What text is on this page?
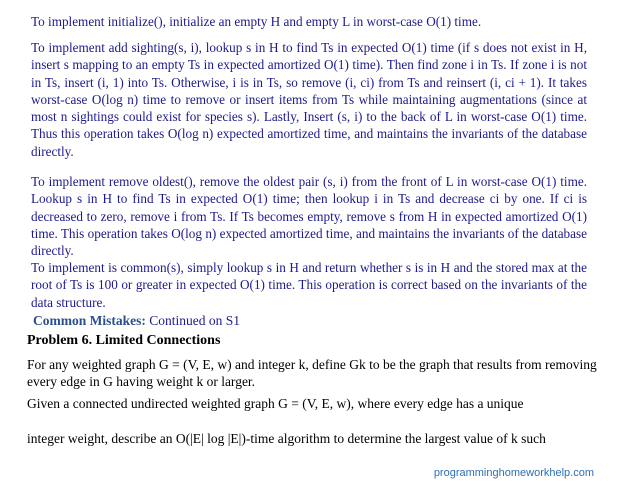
To implement initialize(), initialize an empty H and empty L in worst-case O(1) time.

To implement add sighting(s, i), lookup s in H to find Ts in expected O(1) time (if s does not exist in H, insert s mapping to an empty Ts in expected amortized O(1) time). Then find zone i in Ts. If zone i is not in Ts, insert (i, 1) into Ts. Otherwise, i is in Ts, so remove (i, ci) from Ts and reinsert (i, ci + 1). It takes worst-case O(log n) time to remove or insert items from Ts while maintaining augmentations (since at most n sightings could exist for species s). Lastly, Insert (s, i) to the back of L in worst-case O(1) time. Thus this operation takes O(log n) expected amortized time, and maintains the invariants of the database directly.

To implement remove oldest(), remove the oldest pair (s, i) from the front of L in worst-case O(1) time. Lookup s in H to find Ts in expected O(1) time; then lookup i in Ts and decrease ci by one. If ci is decreased to zero, remove i from Ts. If Ts becomes empty, remove s from H in expected amortized O(1) time. This operation takes O(log n) expected amortized time, and maintains the invariants of the database directly.

To implement is common(s), simply lookup s in H and return whether s is in H and the stored max at the root of Ts is 100 or greater in expected O(1) time. This operation is correct based on the invariants of the data structure.

Common Mistakes: Continued on S1
Problem 6. Limited Connections

For any weighted graph G = (V, E, w) and integer k, define Gk to be the graph that results from removing every edge in G having weight k or larger.

Given a connected undirected weighted graph G = (V, E, w), where every edge has a unique

integer weight, describe an O(|E| log |E|)-time algorithm to determine the largest value of k such

programminghomeworkhelp.com
